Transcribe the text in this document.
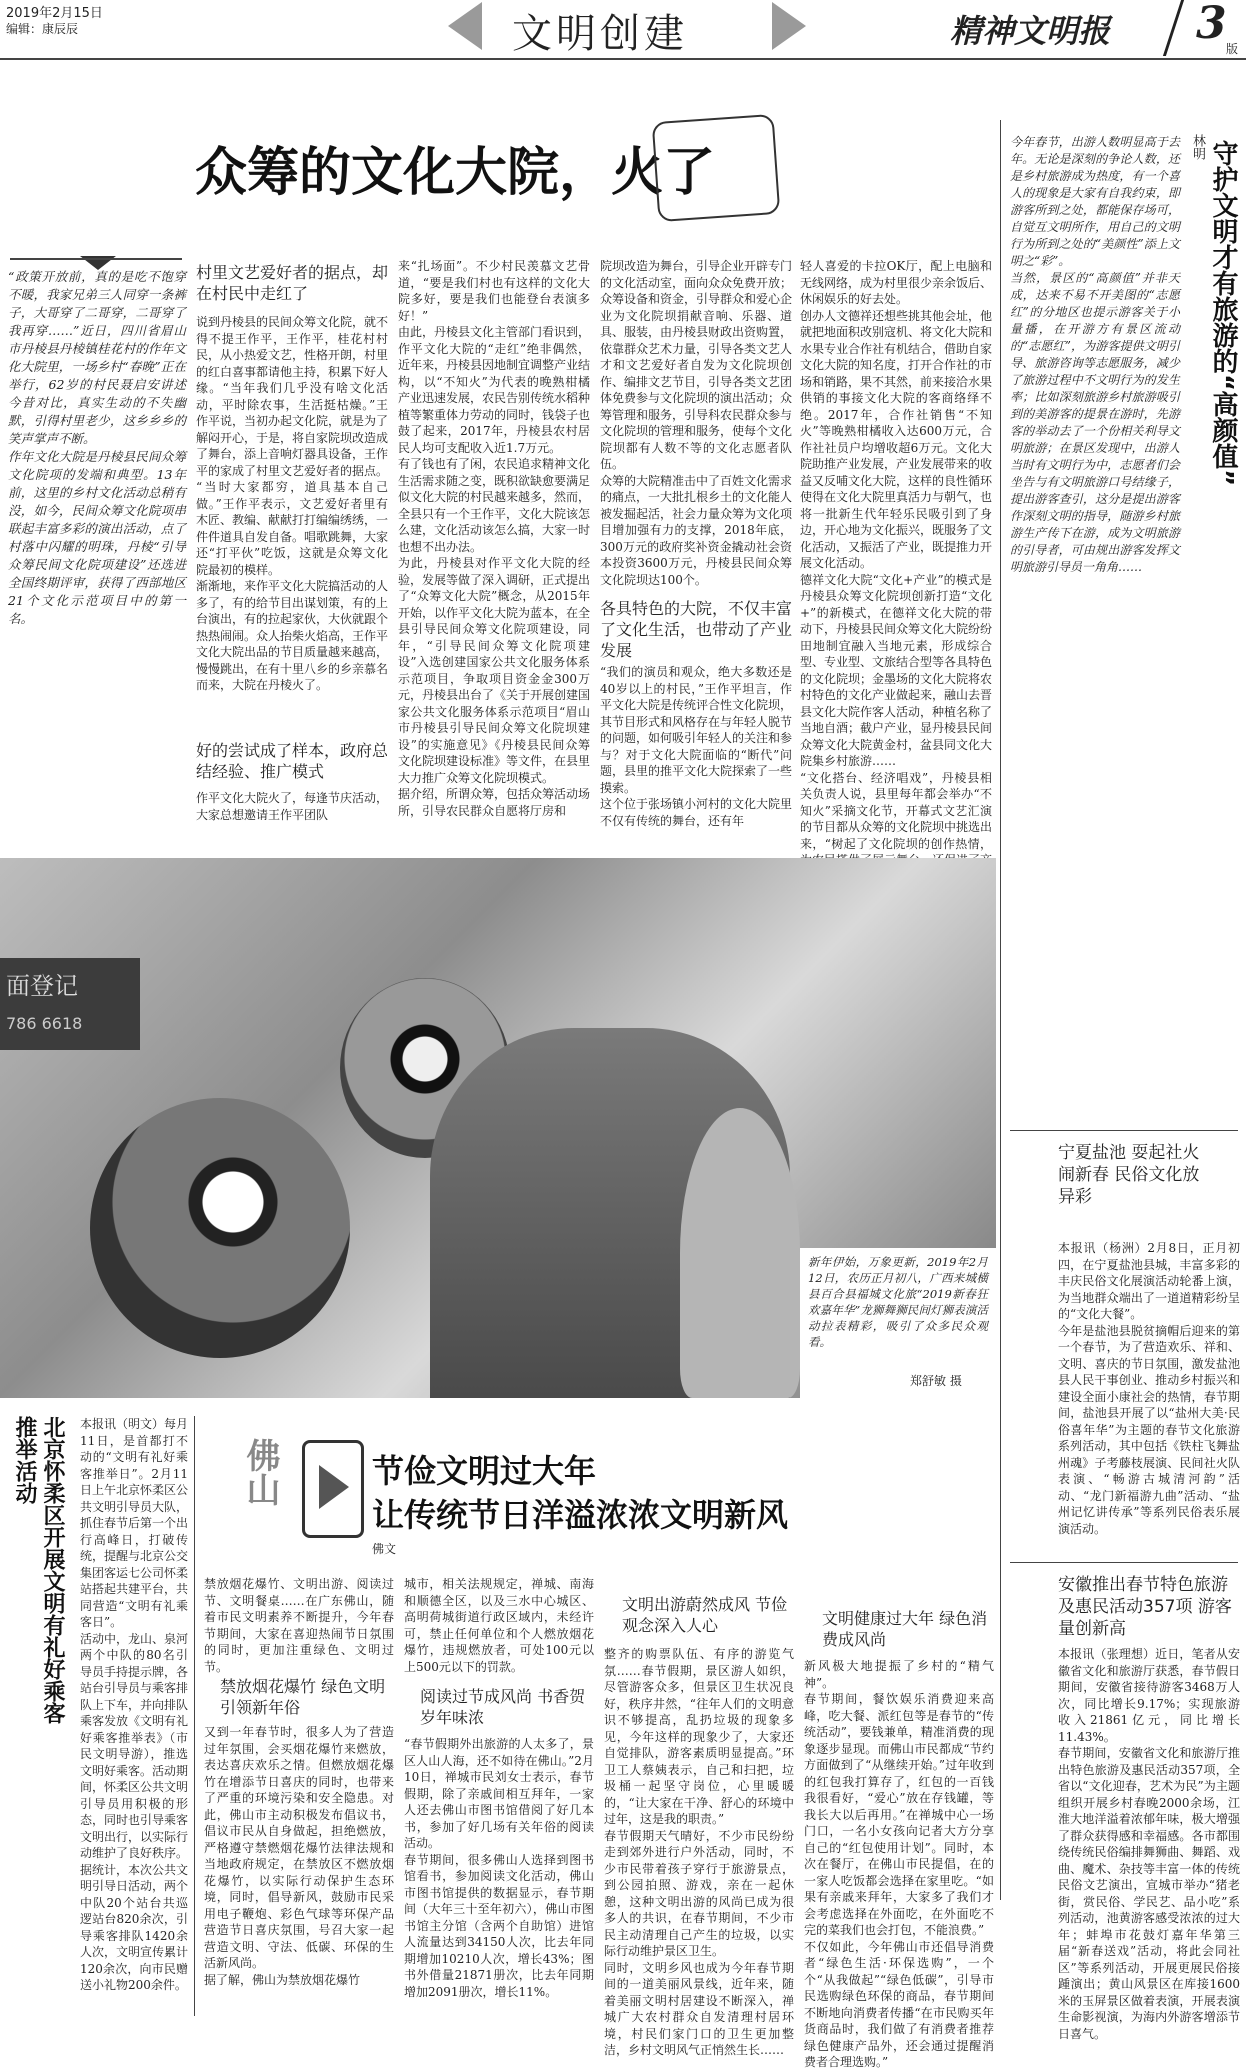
2019年2月15日
编辑：康辰辰	文明创建	精神文明报 3 版
众筹的文化大院，火了
“政策开放前，真的是吃不饱穿不暖，我家兄弟三人同穿一条裤子，大哥穿了二哥穿，二哥穿了我再穿……”近日，四川省眉山市丹棱县丹棱镇桂花村的作年文化大院里，一场乡村“春晚”正在举行，62岁的村民聂启安讲述今昔对比，真实生动的不失幽默，引得村里老少，这乡乡乡的笑声掌声不断。
作年文化大院是丹棱县民间众筹文化院项的发端和典型。13年前，这里的乡村文化活动总稍有没，如今，民间众筹文化院项串联起丰富多彩的演出活动，点了村落中闪耀的明珠，丹棱“引导众筹民间文化院项建设”还选进全国终期评审，获得了西部地区21个文化示范项目中的第一名。
村里文艺爱好者的据点，却在村民中走红了
说到丹棱县的民间众筹文化院，就不得不提王作平，王作平，桂花村村民，从小热爱文艺，性格开朗，村里的红白喜事都请他主持，积累下好人缘。“当年我们几乎没有啥文化活动，平时除农事，生活挺枯燥。”王作平说，当初办起文化院，就是为了解闷开心，于是，将自家院坝改造成了舞台，添上音响灯器具设备，王作平的家成了村里文艺爱好者的据点。
“当时大家都穷，道具基本自己做。”王作平表示，文艺爱好者里有木匠、教编、献献打打编编绣绣，一件件道具自发自备。唱歌跳舞，大家还“打平伙”吃饭，这就是众筹文化院最初的模样。
渐渐地，来作平文化大院搞活动的人多了，有的给节目出谋划策，有的上台演出，有的拉起家伙，大伙就跟个热热闹闹。众人抬柴火焰高，王作平文化大院出品的节目质量越来越高，慢慢跳出，在有十里八乡的乡亲慕名而来，大院在丹棱火了。
好的尝试成了样本，政府总结经验、推广模式
作平文化大院火了，每逢节庆活动，大家总想邀请王作平团队
来“扎场面”。不少村民羡慕文艺骨道，“要是我们村也有这样的文化大院多好，要是我们也能登台表演多好！”
由此，丹棱县文化主管部门看识到，作平文化大院的“走红”绝非偶然，近年来，丹棱县因地制宜调整产业结构，以“不知火”为代表的晚熟柑橘产业迅速发展，农民告别传统水稻种植等繁重体力劳动的同时，钱袋子也鼓了起来，2017年，丹棱县农村居民人均可支配收入近1.7万元。
有了钱也有了闲，农民追求精神文化生活需求随之变，既积欲缺愈要满足似文化大院的村民越来越多，然而，全县只有一个王作平，文化大院该怎么建，文化活动该怎么搞，大家一时也想不出办法。
为此，丹棱县对作平文化大院的经验，发展等做了深入调研，正式提出了“众筹文化大院”概念，从2015年开始，以作平文化大院为蓝本，在全县引导民间众筹文化院项建设，同年，“引导民间众筹文化院项建设”入选创建国家公共文化服务体系示范项目，争取项目资金金300万元，丹棱县出台了《关于开展创建国家公共文化服务体系示范项目“眉山市丹棱县引导民间众筹文化院坝建设”的实施意见》《丹棱县民间众筹文化院坝建设标准》等文件，在县里大力推广众筹文化院坝模式。
据介绍，所谓众筹，包括众筹活动场所，引导农民群众自愿将厅房和
院坝改造为舞台，引导企业开辟专门的文化活动室，面向众众免费开放；众筹设备和资金，引导群众和爱心企业为文化院坝捐献音响、乐器、道具、服装，由丹棱县财政出资购置，依靠群众艺术力量，引导各类文艺人才和文艺爱好者自发为文化院坝创作、编排文艺节目，引导各类文艺团体免费参与文化院坝的演出活动；众筹管理和服务，引导科农民群众参与文化院坝的管理和服务，使每个文化院坝都有人数不等的文化志愿者队伍。
众筹的大院精准击中了百姓文化需求的痛点，一大批扎根乡土的文化能人被发掘起活，社会力量众筹为文化项目增加强有力的支撑，2018年底，300万元的政府奖补资金撬动社会资本投资3600万元，丹棱县民间众筹文化院坝达100个。
各具特色的大院，不仅丰富了文化生活，也带动了产业发展
“我们的演员和观众，绝大多数还是40岁以上的村民，”王作平坦言，作平文化大院是传统评合性文化院坝，其节目形式和风格存在与年轻人脱节的问题，如何吸引年轻人的关注和参与？对于文化大院面临的“断代”问题，县里的推平文化大院探索了一些摸索。
这个位于张场镇小河村的文化大院里不仅有传统的舞台，还有年
轻人喜爱的卡拉OK厅，配上电脑和无线网络，成为村里很少亲余饭后、休闲娱乐的好去处。
创办人文德祥还想些挑其他会址，他就把地面积改别寇机、将文化大院和水果专业合作社有机结合，借助自家文化大院的知名度，打开合作社的市场和销路，果不其然，前来接洽水果供销的事接文化大院的客商络绎不绝。2017年，合作社销售“不知火”等晚熟柑橘收入达600万元，合作社社员户均增收超6万元。文化大院助推产业发展，产业发展带来的收益又反哺文化大院，这样的良性循环使得在文化大院里真活力与朝气，也将一批新生代年轻乐民吸引到了身边，开心地为文化振兴，既服务了文化活动，又振活了产业，既提推力开展文化活动。
德祥文化大院“文化+产业”的模式是丹棱县众筹文化院坝创新打造“文化+”的新模式，在德祥文化大院的带动下，丹棱县民间众筹文化大院纷纷田地制宜融入当地元素，形成综合型、专业型、文旅结合型等各具特色的文化院坝；金墨场的文化大院将农村特色的文化产业做起来，融山去晋县文化大院作客人活动，种植名称了当地自酒；截户产业，显丹棱县民间众筹文化大院黄金村，盆县同文化大院集乡村旅游……
“文化搭台、经济唱戏”，丹棱县相关负责人说，县里每年都会举办“不知火”采摘文化节，开幕式文艺汇演的节目都从众筹的文化院坝中挑选出来，“树起了文化院坝的创作热情，
守护文明才有旅游的“高颜值”
林明
今年春节，出游人数明显高于去年。无论是深刻的争论人数，还是乡村旅游成为热度，有一个喜人的现象是大家有自我约束，即游客所到之处，都能保存场可，自觉互文明所作，用自己的文明行为所到之处的“美颜性”添上文明之“彩”。
当然，景区的“高颜值”并非天成，达来不易不开美图的“志愿红”的分地区也提示游客关于小量播，在开游方有景区流动的“志愿红”，为游客提供文明引导、旅游咨询等志愿服务，减少了旅游过程中不文明行为的发生率；比如深刻旅游乡村旅游吸引到的美游客的提景在游时，先游客的举动去了一个份相关利导文明旅游；在景区发现中，出游人当时有文明行为中，志愿者们会坐告与有文明旅游口号结缘子，提出游客查引，这分是提出游客作深刻文明的指导，随游乡村旅游生产传下在游，成为文明旅游的引导者，可由规出游客发挥文明旅游引导员一角角……
宁夏盐池 耍起社火闹新春 民俗文化放异彩
本报讯（杨洲）2月8日，正月初四，在宁夏盐池县城，丰富多彩的丰庆民俗文化展演活动轮番上演，为当地群众端出了一道道精彩纷呈的“文化大餐”。
今年是盐池县脱贫摘帽后迎来的第一个春节，为了营造欢乐、祥和、文明、喜庆的节日氛围，激发盐池县人民干事创业、推动乡村振兴和建设全面小康社会的热情，春节期间，盐池县开展了以“盐州大美·民俗喜年华”为主题的春节文化旅游系列活动，其中包括《铁柱飞舞盐州魂》子考藤枝展演、民间社火队表演、“畅游古城清河韵”活动、“龙门新福游九曲”活动、“盐州记忆讲传承”等系列民俗表乐展演活动。
安徽推出春节特色旅游及惠民活动357项 游客量创新高
本报讯（张理想）近日，笔者从安徽省文化和旅游厅获悉，春节假日期间，安徽省接待游客3468万人次，同比增长9.17%；实现旅游收入21861亿元，同比增长11.43%。
春节期间，安徽省文化和旅游厅推出特色旅游及惠民活动357项，全省以“文化迎春，艺术为民”为主题组织开展乡村春晚2000余场，江淮大地洋溢着浓郁年味，极大增强了群众获得感和幸福感。各市都围绕传统民俗编排舞狮曲、舞蹈、戏曲、魔术、杂技等丰富一体的传统民俗文艺演出，宣城市举办“猪老街，赏民俗、学民艺、品小吃”系列活动，池黄游客感受浓浓的过大年；蚌埠市花鼓灯嘉年华第三届“新春送戏”活动，将此会同社区”等系列活动，开展更展民俗接踵演出；黄山风景区在库接1600米的玉屏景区做着表演，开展表演生命影视演，为海内外游客增添节日喜气。
面登记
786 6618
新年伊始，万象更新，2019年2月12日，农历正月初八，广西来城横县百合县福城文化旅“2019新春狂欢嘉年华”龙狮舞狮民间灯狮表演活动拉表精彩，吸引了众多民众观看。
郑舒敏 摄
北京怀柔区开展文明有礼好乘客推举活动	本报讯（明文）每月11日，是首都打不动的“文明有礼好乘客推举日”。2月11日上午北京怀柔区公共文明引导员大队，抓住春节后第一个出行高峰日，打破传统，提醒与北京公交集团客运七公司怀柔站搭起共建平台，共同营造“文明有礼乘客日”。
活动中，龙山、泉河两个中队的80名引导员手持提示牌，各站台引导员与乘客排队上下车，并向排队乘客发放《文明有礼好乘客推举表》（市民文明导游），推选文明好乘客。活动期间，怀柔区公共文明引导员用积极的形态，同时也引导乘客文明出行，以实际行动维护了良好秩序。
据统计，本次公共文明引导日活动，两个中队20个站台共巡逻站台820余次，引导乘客排队1420余人次，文明宣传累计120余次，向市民赠送小礼物200余件。
佛山	节俭文明过大年
让传统节日洋溢浓浓文明新风
佛文
禁放烟花爆竹、文明出游、阅读过节、文明餐桌……在广东佛山，随着市民文明素养不断提升，今年春节期间，大家在喜迎热闹节日氛围的同时，更加注重绿色、文明过节。
禁放烟花爆竹 绿色文明引领新年俗
又到一年春节时，很多人为了营造过年氛围，会买烟花爆竹来燃放，表达喜庆欢乐之情。但燃放烟花爆竹在增添节日喜庆的同时，也带来了严重的环境污染和安全隐患。对此，佛山市主动积极发布倡议书，倡议市民从自身做起，担绝燃放，严格遵守禁燃烟花爆竹法律法规和当地政府规定，在禁放区不燃放烟花爆竹，以实际行动保护生态环境，同时，倡导新风，鼓励市民采用电子鞭炮、彩色气球等环保产品营造节日喜庆氛围，号召大家一起营造文明、守法、低碳、环保的生活新风尚。
据了解，佛山为禁放烟花爆竹
城市，相关法规规定，禅城、南海和顺德全区，以及三水中心城区、高明荷城街道行政区域内，未经许可，禁止任何单位和个人燃放烟花爆竹，违规燃放者，可处100元以上500元以下的罚款。
阅读过节成风尚 书香贺岁年味浓
“春节假期外出旅游的人太多了，景区人山人海，还不如待在佛山。”2月10日，禅城市民刘女士表示，春节假期，除了亲戚间相互拜年，一家人还去佛山市图书馆借阅了好几本书，参加了好几场有关年俗的阅读活动。
春节期间，很多佛山人选择到图书馆看书，参加阅读文化活动，佛山市图书馆提供的数据显示，春节期间（大年三十至年初六），佛山市图书馆主分馆（含两个自助馆）进馆人流量达到34150人次，比去年同期增加10210人次，增长43%；图书外借量21871册次，比去年同期增加2091册次，增长11%。
文明出游蔚然成风 节俭观念深入人心
整齐的购票队伍、有序的游览气氛……春节假期，景区游人如织，尽管游客众多，但景区卫生状况良好，秩序井然，“往年人们的文明意识不够提高，乱扔垃圾的现象多见，今年这样的现象少了，大家还自觉排队，游客素质明显提高。”环卫工人蔡姨表示，自己和扫把，垃圾桶一起坚守岗位，心里暖暖的，“让大家在干净、舒心的环境中过年，这是我的职责。”
春节假期天气晴好，不少市民纷纷走到郊外进行户外活动，同时，不少市民带着孩子穿行于旅游景点，到公园拍照、游戏，亲在一起休憩，这种文明出游的风尚已成为很多人的共识，在春节期间，不少市民主动清理自己产生的垃圾，以实际行动维护景区卫生。
同时，文明乡风也成为今年春节期间的一道美丽风景线，近年来，随着美丽文明村居建设不断深入，禅城广大农村群众自发清理村居环境，村民们家门口的卫生更加整洁，乡村文明风气正悄然生长……
文明健康过大年 绿色消费成风尚
新风极大地提振了乡村的“精气神”。
春节期间，餐饮娱乐消费迎来高峰，吃大餐、派红包等是春节的“传统活动”，要钱兼单，精准消费的现象逐步显现。而佛山市民都成“节约方面做到了“从继续开始。”过年收到的红包我打算存了，红包的一百钱我很看好，“爱心”放在存钱罐，等我长大以后再用。”在禅城中心一场门口，一名小女孩向记者大方分享自己的“红包使用计划”。同时，本次在餐厅，在佛山市民提倡，在的一家人吃饭都会选择在家里吃。“如果有亲戚来拜年，大家多了我们才会考虑选择在外面吃，在外面吃不完的菜我们也会打包，不能浪费。”
不仅如此，今年佛山市还倡导消费者“绿色生活·环保选购”，一个个“从我做起”“绿色低碳”，引导市民选购绿色环保的商品，春节期间不断地向消费者传播“在市民购买年货商品时，我们做了有消费者推荐绿色健康产品外，还会通过提醒消费者合理选购。”
